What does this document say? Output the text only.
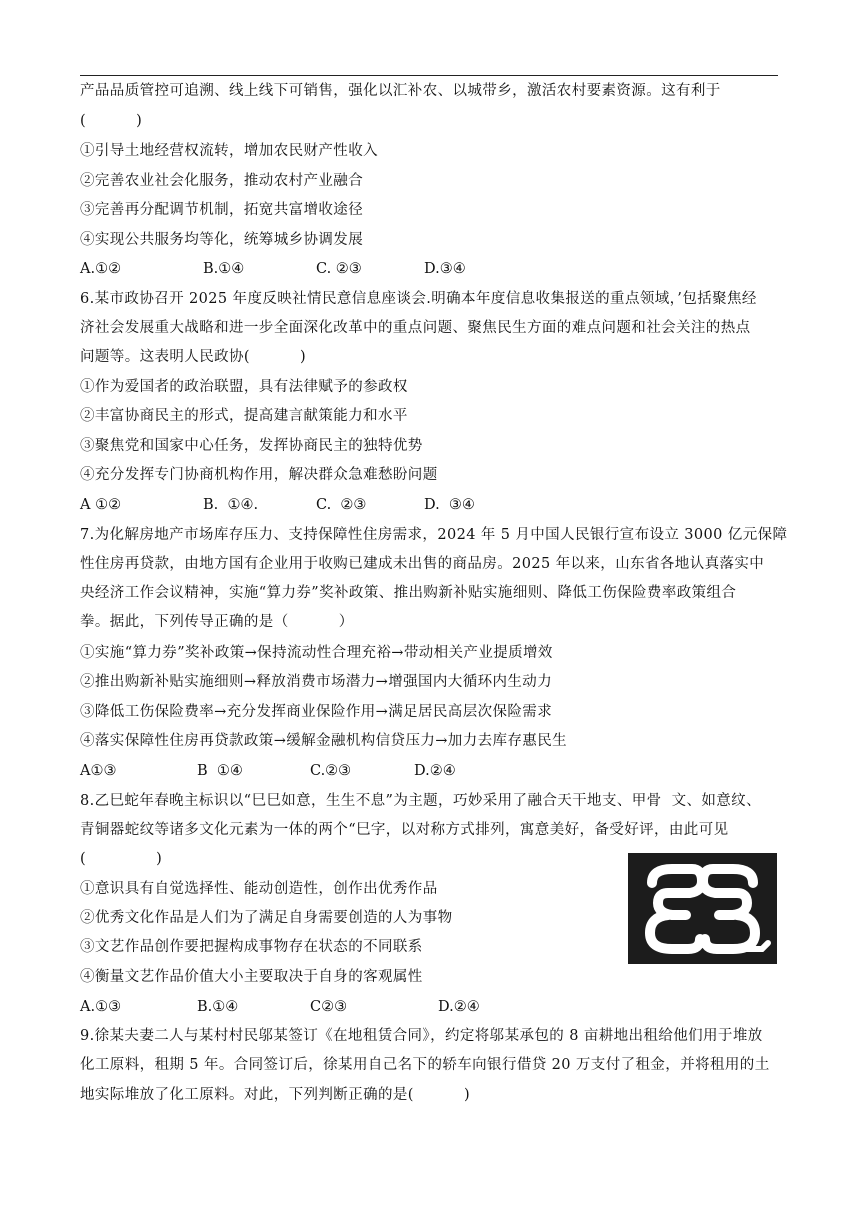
产品品质管控可追溯、线上线下可销售，强化以汇补农、以城带乡，激活农村要素资源。这有利于
(          )
①引导土地经营权流转，增加农民财产性收入
②完善农业社会化服务，推动农村产业融合
③完善再分配调节机制，拓宽共富增收途径
④实现公共服务均等化，统筹城乡协调发展
A.①②	B.①④	C. ②③	D.③④
6.某市政协召开 2025 年度反映社情民意信息座谈会.明确本年度信息收集报送的重点领域，’包括聚焦经
济社会发展重大战略和进一步全面深化改革中的重点问题、聚焦民生方面的难点问题和社会关注的热点
问题等。这表明人民政协(          )
①作为爱国者的政治联盟，具有法律赋予的参政权
②丰富协商民主的形式，提高建言献策能力和水平
③聚焦党和国家中心任务，发挥协商民主的独特优势
④充分发挥专门协商机构作用，解决群众急难愁盼问题
A ①②	B.  ①④.	C.  ②③	D.  ③④
7.为化解房地产市场库存压力、支持保障性住房需求，2024 年 5 月中国人民银行宣布设立 3000 亿元保障
性住房再贷款，由地方国有企业用于收购已建成未出售的商品房。2025 年以来，山东省各地认真落实中
央经济工作会议精神，实施“算力券”奖补政策、推出购新补贴实施细则、降低工伤保险费率政策组合
拳。据此，下列传导正确的是（          ）
①实施“算力券”奖补政策→保持流动性合理充裕→带动相关产业提质增效
②推出购新补贴实施细则→释放消费市场潜力→增强国内大循环内生动力
③降低工伤保险费率→充分发挥商业保险作用→满足居民高层次保险需求
④落实保障性住房再贷款政策→缓解金融机构信贷压力→加力去库存惠民生
A①③	B  ①④	C.②③	D.②④
8.乙巳蛇年春晚主标识以“巳巳如意，生生不息”为主题，巧妙采用了融合天干地支、甲骨  文、如意纹、
青铜器蛇纹等诸多文化元素为一体的两个“巳字，以对称方式排列，寓意美好，备受好评，由此可见
(              )
①意识具有自觉选择性、能动创造性，创作出优秀作品
②优秀文化作品是人们为了满足自身需要创造的人为事物
③文艺作品创作要把握构成事物存在状态的不同联系
④衡量文艺作品价值大小主要取决于自身的客观属性
A.①③	B.①④	C②③	D.②④
9.徐某夫妻二人与某村村民邬某签订《在地租赁合同》，约定将邬某承包的 8 亩耕地出租给他们用于堆放
化工原料，租期 5 年。合同签订后，徐某用自己名下的轿车向银行借贷 20 万支付了租金，并将租用的土
地实际堆放了化工原料。对此，下列判断正确的是(          )
